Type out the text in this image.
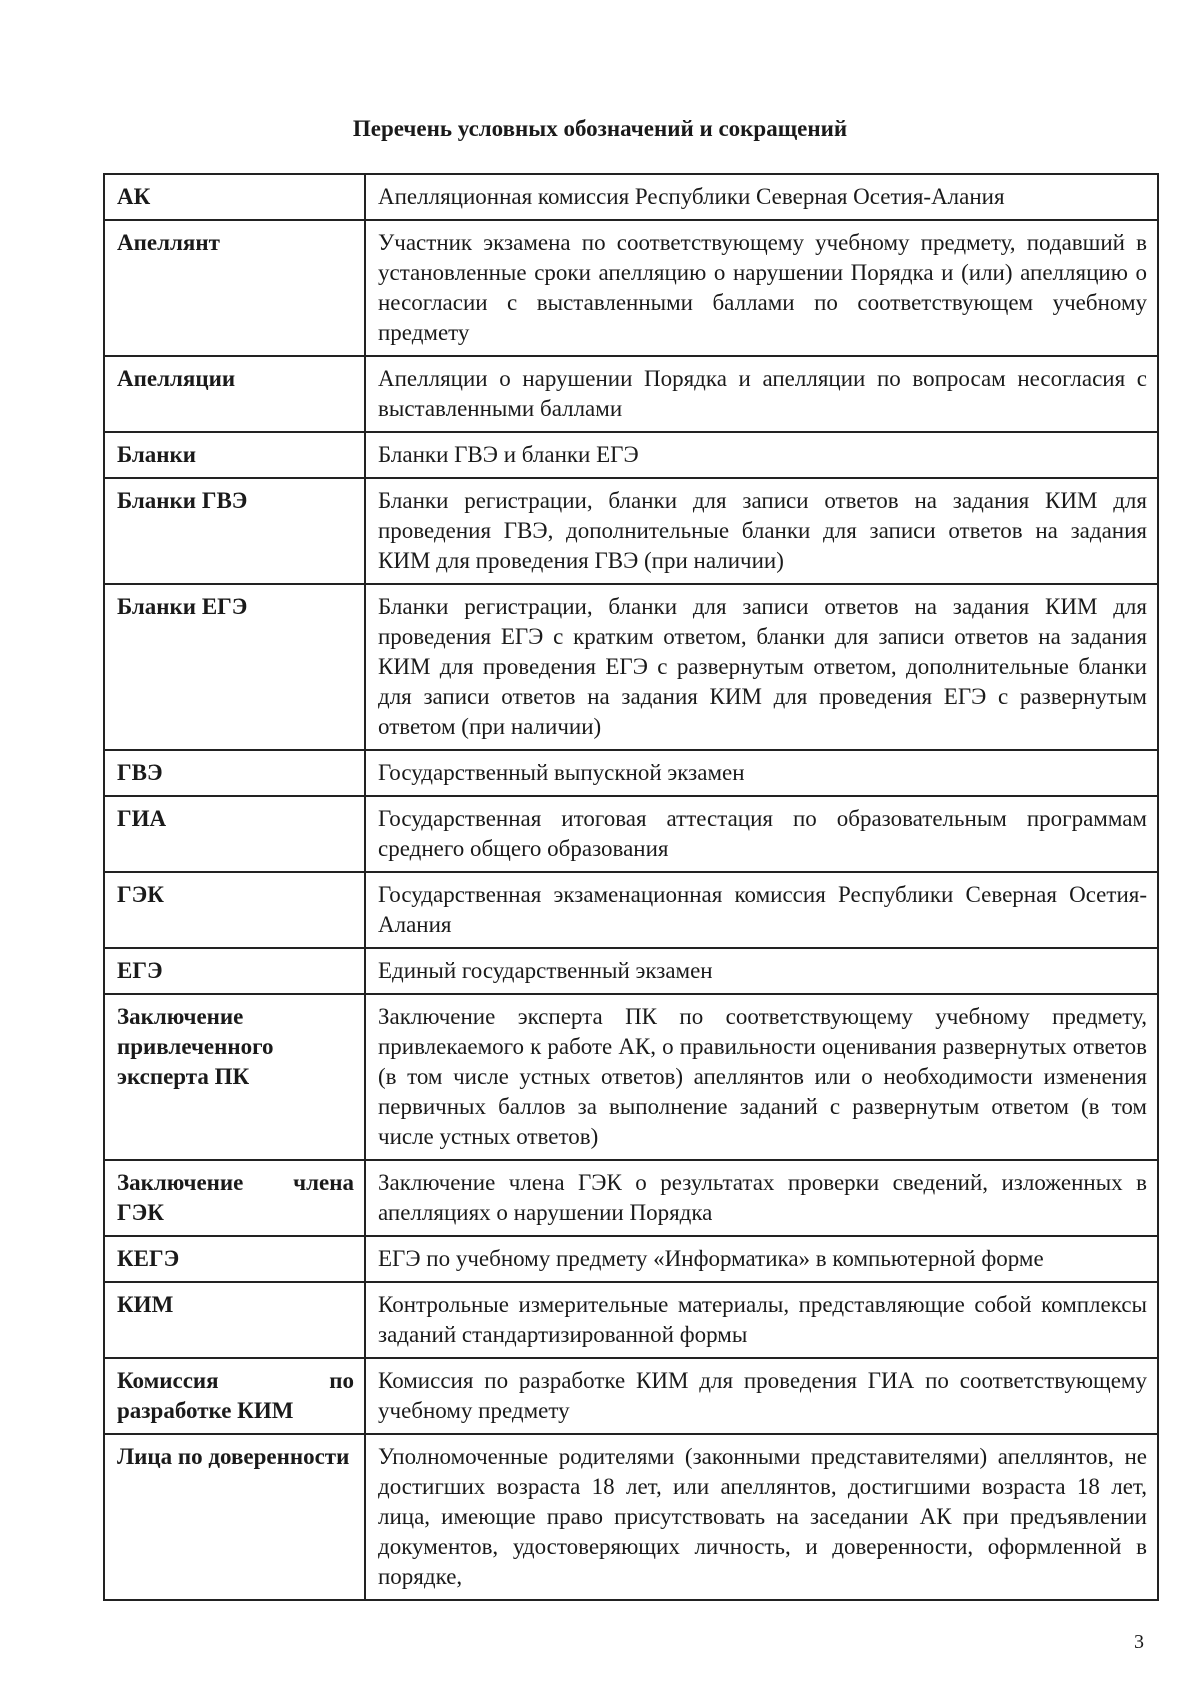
Перечень условных обозначений и сокращений
АК	Апелляционная комиссия Республики Северная Осетия-Алания
Апеллянт	Участник экзамена по соответствующему учебному предмету, подавший в установленные сроки апелляцию о нарушении Порядка и (или) апелляцию о несогласии с выставленными баллами по соответствующем учебному предмету
Апелляции	Апелляции о нарушении Порядка и апелляции по вопросам несогласия с выставленными баллами
Бланки	Бланки ГВЭ и бланки ЕГЭ
Бланки ГВЭ	Бланки регистрации, бланки для записи ответов на задания КИМ для проведения ГВЭ, дополнительные бланки для записи ответов на задания КИМ для проведения ГВЭ (при наличии)
Бланки ЕГЭ	Бланки регистрации, бланки для записи ответов на задания КИМ для проведения ЕГЭ с кратким ответом, бланки для записи ответов на задания КИМ для проведения ЕГЭ с развернутым ответом, дополнительные бланки для записи ответов на задания КИМ для проведения ЕГЭ с развернутым ответом (при наличии)
ГВЭ	Государственный выпускной экзамен
ГИА	Государственная итоговая аттестация по образовательным программам среднего общего образования
ГЭК	Государственная экзаменационная комиссия Республики Северная Осетия-Алания
ЕГЭ	Единый государственный экзамен
Заключение привлеченного эксперта ПК	Заключение эксперта ПК по соответствующему учебному предмету, привлекаемого к работе АК, о правильности оценивания развернутых ответов (в том числе устных ответов) апеллянтов или о необходимости изменения первичных баллов за выполнение заданий с развернутым ответом (в том числе устных ответов)
Заключение члена ГЭК	Заключение члена ГЭК о результатах проверки сведений, изложенных в апелляциях о нарушении Порядка
КЕГЭ	ЕГЭ по учебному предмету «Информатика» в компьютерной форме
КИМ	Контрольные измерительные материалы, представляющие собой комплексы заданий стандартизированной формы
Комиссия по разработке КИМ	Комиссия по разработке КИМ для проведения ГИА по соответствующему учебному предмету
Лица по доверенности	Уполномоченные родителями (законными представителями) апеллянтов, не достигших возраста 18 лет, или апеллянтов, достигшими возраста 18 лет, лица, имеющие право присутствовать на заседании АК при предъявлении документов, удостоверяющих личность, и доверенности, оформленной в порядке,
3
